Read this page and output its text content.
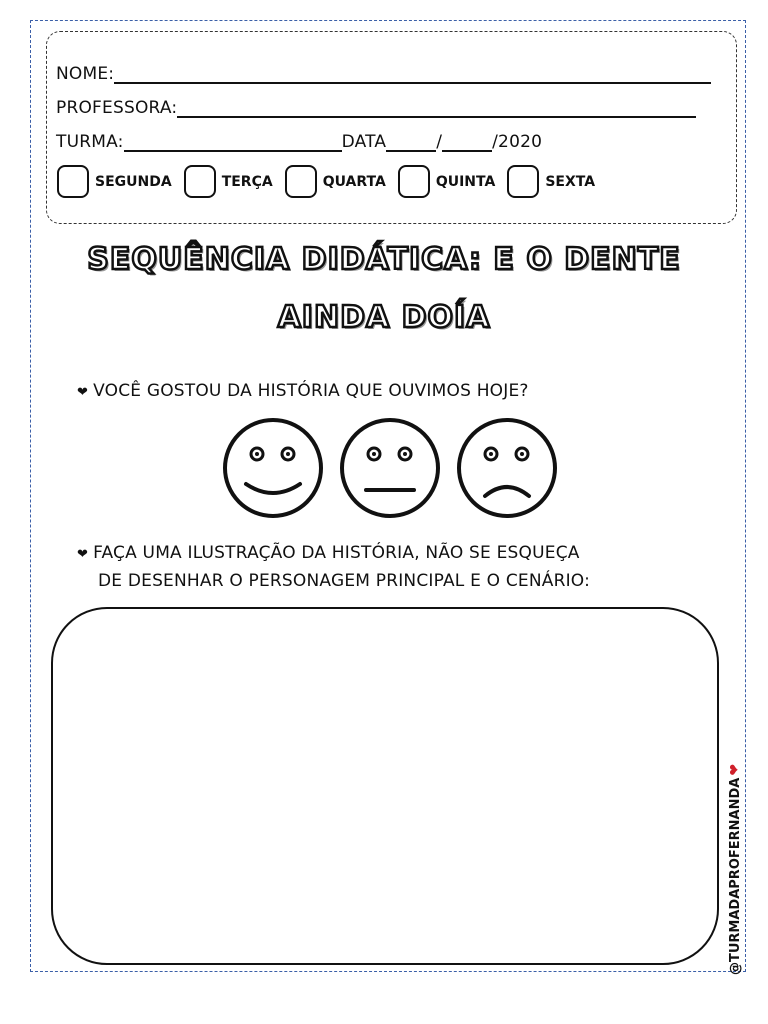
NOME:
PROFESSORA:
TURMA:	DATA	/	/2020
SEGUNDA	TERÇA	QUARTA	QUINTA	SEXTA
SEQUÊNCIA DIDÁTICA: E O DENTE
AINDA DOÍA
❤ VOCÊ GOSTOU DA HISTÓRIA QUE OUVIMOS HOJE?
❤ FAÇA UMA ILUSTRAÇÃO DA HISTÓRIA, NÃO SE ESQUEÇA
DE DESENHAR O PERSONAGEM PRINCIPAL E O CENÁRIO:
@TURMADAPROFERNANDA
❤
